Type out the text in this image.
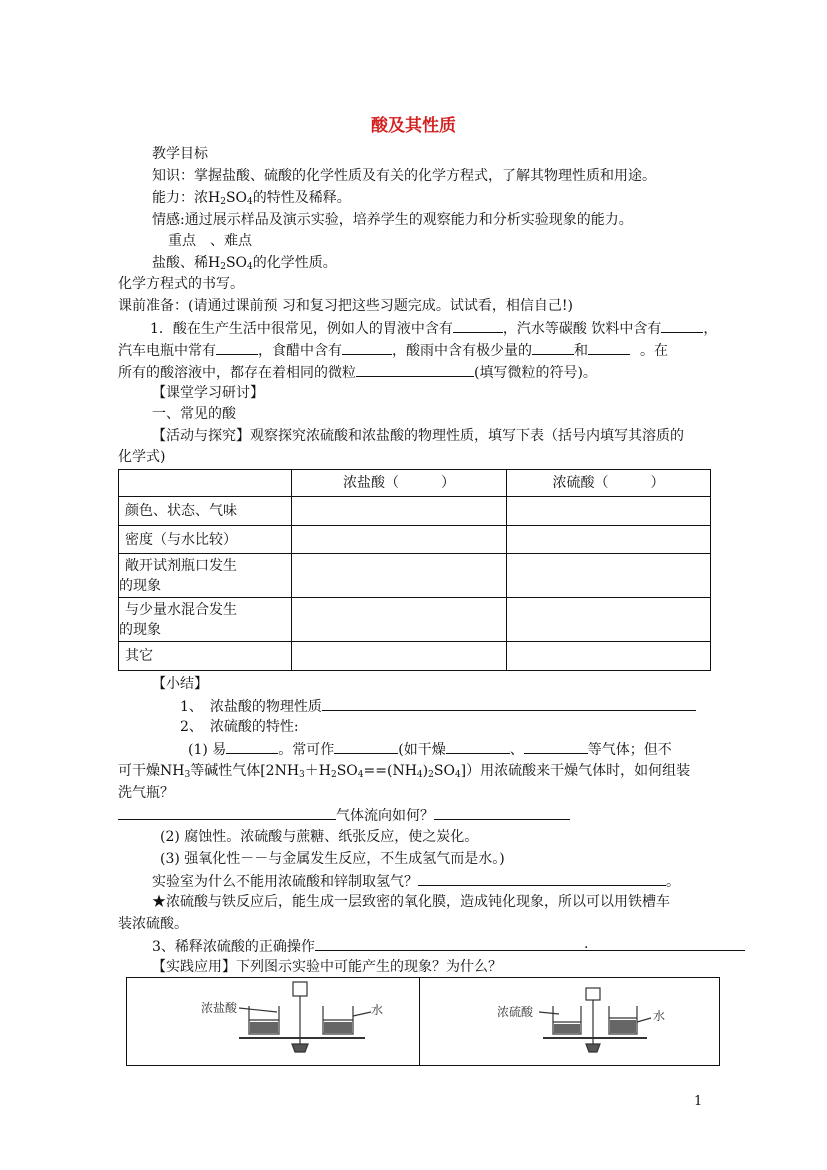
酸及其性质
教学目标
知识：掌握盐酸、硫酸的化学性质及有关的化学方程式，了解其物理性质和用途。
能力：浓$H_2SO_4$的特性及稀释。
情感:通过展示样品及演示实验，培养学生的观察能力和分析实验现象的能力。
重点　、难点
盐酸、稀$H_2SO_4$的化学性质。
化学方程式的书写。
课前准备：(请通过课前预 习和复习把这些习题完成。试试看，相信自己!)
1．酸在生产生活中很常见，例如人的胃液中含有	，汽水等碳酸 饮料中含有	，
汽车电瓶中常有	，食醋中含有	，酸雨中含有极少量的	和	。在
所有的酸溶液中，都存在着相同的微粒	(填写微粒的符号)。
【课堂学习研讨】
一、常见的酸
【活动与探究】观察探究浓硫酸和浓盐酸的物理性质，填写下表（括号内填写其溶质的
化学式)
	浓盐酸（　　　）	浓硫酸（　　　）
颜色、状态、气味		
密度（与水比较）		
敞开试剂瓶口发生
的现象		
与少量水混合发生
的现象		
其它		
【小结】
1、　浓盐酸的物理性质
2、　浓硫酸的特性:
(1) 易	。常可作	(如干燥	、	等气体；但不
可干燥$NH_3$等碱性气体$[2NH_3+H_2SO_4==(NH_4)_2SO_4]$）用浓硫酸来干燥气体时，如何组装
洗气瓶？
气体流向如何？
(2) 腐蚀性。浓硫酸与蔗糖、纸张反应，使之炭化。
(3) 强氧化性－－与金属发生反应，不生成氢气而是水。)
实验室为什么不能用浓硫酸和锌制取氢气？	。
★浓硫酸与铁反应后，能生成一层致密的氧化膜，造成钝化现象，所以可以用铁槽车
装浓硫酸。
3、稀释浓硫酸的正确操作	.
【实践应用】下列图示实验中可能产生的现象？为什么？
浓盐酸	水	浓硫酸	水
1
